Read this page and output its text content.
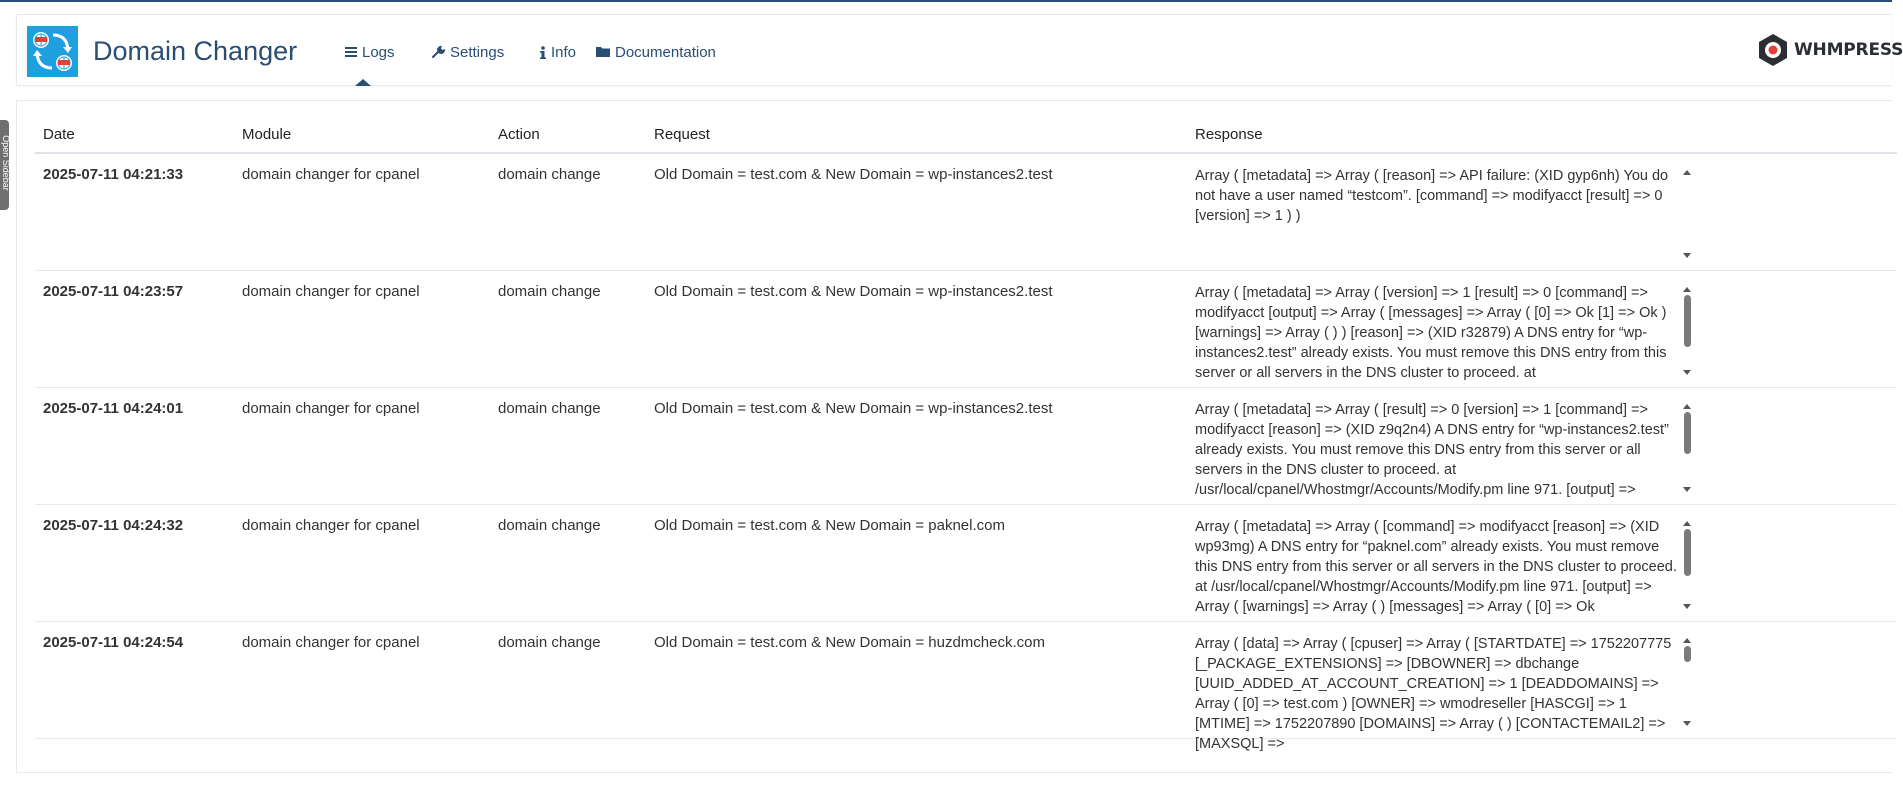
Open Sidebar
Domain Changer	Logs	Settings	Info	Documentation	WHMPRESS
Date	Module	Action	Request	Response
2025-07-11 04:21:33	domain changer for cpanel	domain change	Old Domain = test.com & New Domain = wp-instances2.test	Array ( [metadata] => Array ( [reason] => API failure: (XID gyp6nh) You do not have a user named “testcom”. [command] => modifyacct [result] => 0 [version] => 1 ) )

2025-07-11 04:23:57	domain changer for cpanel	domain change	Old Domain = test.com & New Domain = wp-instances2.test	Array ( [metadata] => Array ( [version] => 1 [result] => 0 [command] => modifyacct [output] => Array ( [messages] => Array ( [0] => Ok [1] => Ok ) [warnings] => Array ( ) ) [reason] => (XID r32879) A DNS entry for “wp-instances2.test” already exists. You must remove this DNS entry from this server or all servers in the DNS cluster to proceed. at

2025-07-11 04:24:01	domain changer for cpanel	domain change	Old Domain = test.com & New Domain = wp-instances2.test	Array ( [metadata] => Array ( [result] => 0 [version] => 1 [command] => modifyacct [reason] => (XID z9q2n4) A DNS entry for “wp-instances2.test” already exists. You must remove this DNS entry from this server or all servers in the DNS cluster to proceed. at /usr/local/cpanel/Whostmgr/Accounts/Modify.pm line 971. [output] =>

2025-07-11 04:24:32	domain changer for cpanel	domain change	Old Domain = test.com & New Domain = paknel.com	Array ( [metadata] => Array ( [command] => modifyacct [reason] => (XID wp93mg) A DNS entry for “paknel.com” already exists. You must remove this DNS entry from this server or all servers in the DNS cluster to proceed. at /usr/local/cpanel/Whostmgr/Accounts/Modify.pm line 971. [output] => Array ( [warnings] => Array ( ) [messages] => Array ( [0] => Ok

2025-07-11 04:24:54	domain changer for cpanel	domain change	Old Domain = test.com & New Domain = huzdmcheck.com	Array ( [data] => Array ( [cpuser] => Array ( [STARTDATE] => 1752207775 [_PACKAGE_EXTENSIONS] => [DBOWNER] => dbchange [UUID_ADDED_AT_ACCOUNT_CREATION] => 1 [DEADDOMAINS] => Array ( [0] => test.com ) [OWNER] => wmodreseller [HASCGI] => 1 [MTIME] => 1752207890 [DOMAINS] => Array ( ) [CONTACTEMAIL2] => [MAXSQL] =>
